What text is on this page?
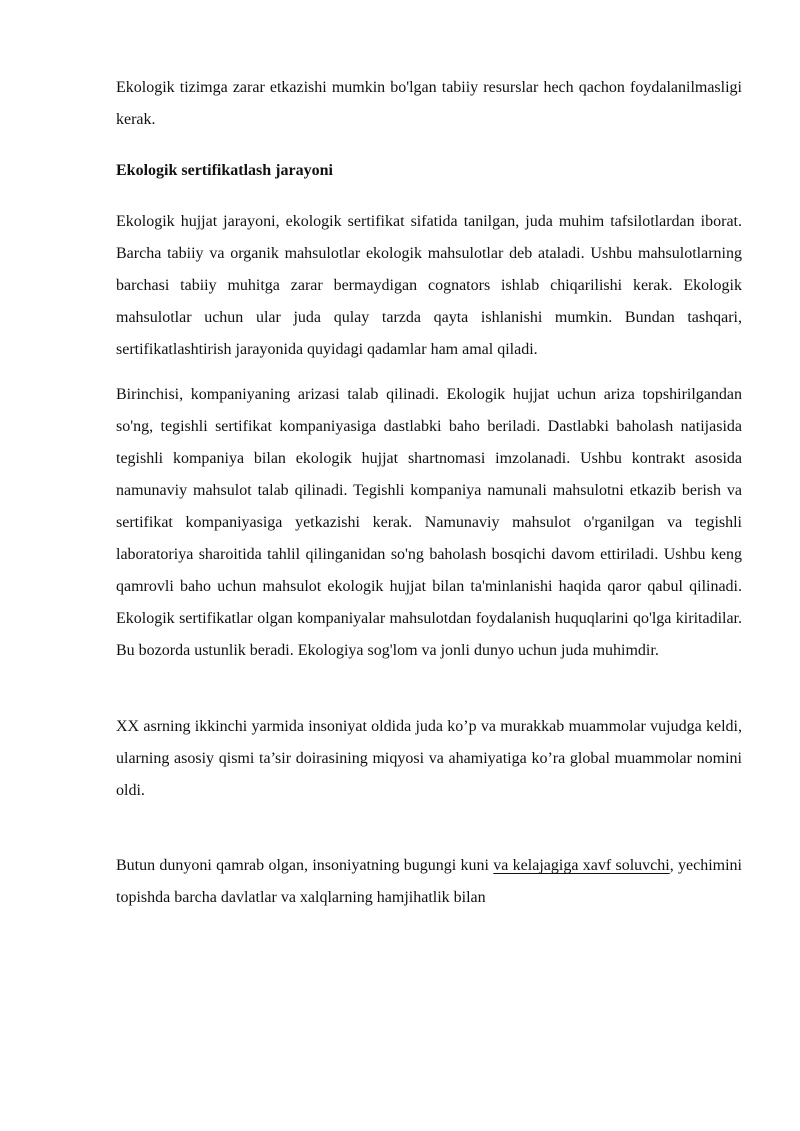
Ekologik tizimga zarar etkazishi mumkin bo'lgan tabiiy resurslar hech qachon foydalanilmasligi kerak.

Ekologik sertifikatlash jarayoni

Ekologik hujjat jarayoni, ekologik sertifikat sifatida tanilgan, juda muhim tafsilotlardan iborat. Barcha tabiiy va organik mahsulotlar ekologik mahsulotlar deb ataladi. Ushbu mahsulotlarning barchasi tabiiy muhitga zarar bermaydigan cognators ishlab chiqarilishi kerak. Ekologik mahsulotlar uchun ular juda qulay tarzda qayta ishlanishi mumkin. Bundan tashqari, sertifikatlashtirish jarayonida quyidagi qadamlar ham amal qiladi.

Birinchisi, kompaniyaning arizasi talab qilinadi. Ekologik hujjat uchun ariza topshirilgandan so'ng, tegishli sertifikat kompaniyasiga dastlabki baho beriladi. Dastlabki baholash natijasida tegishli kompaniya bilan ekologik hujjat shartnomasi imzolanadi. Ushbu kontrakt asosida namunaviy mahsulot talab qilinadi. Tegishli kompaniya namunali mahsulotni etkazib berish va sertifikat kompaniyasiga yetkazishi kerak. Namunaviy mahsulot o'rganilgan va tegishli laboratoriya sharoitida tahlil qilinganidan so'ng baholash bosqichi davom ettiriladi. Ushbu keng qamrovli baho uchun mahsulot ekologik hujjat bilan ta'minlanishi haqida qaror qabul qilinadi. Ekologik sertifikatlar olgan kompaniyalar mahsulotdan foydalanish huquqlarini qo'lga kiritadilar. Bu bozorda ustunlik beradi. Ekologiya sog'lom va jonli dunyo uchun juda muhimdir.

XX asrning ikkinchi yarmida insoniyat oldida juda ko’p va murakkab muammolar vujudga keldi, ularning asosiy qismi ta’sir doirasining miqyosi va ahamiyatiga ko’ra global muammolar nomini oldi.

Butun dunyoni qamrab olgan, insoniyatning bugungi kuni va kelajagiga xavf soluvchi, yechimini topishda barcha davlatlar va xalqlarning hamjihatlik bilan
